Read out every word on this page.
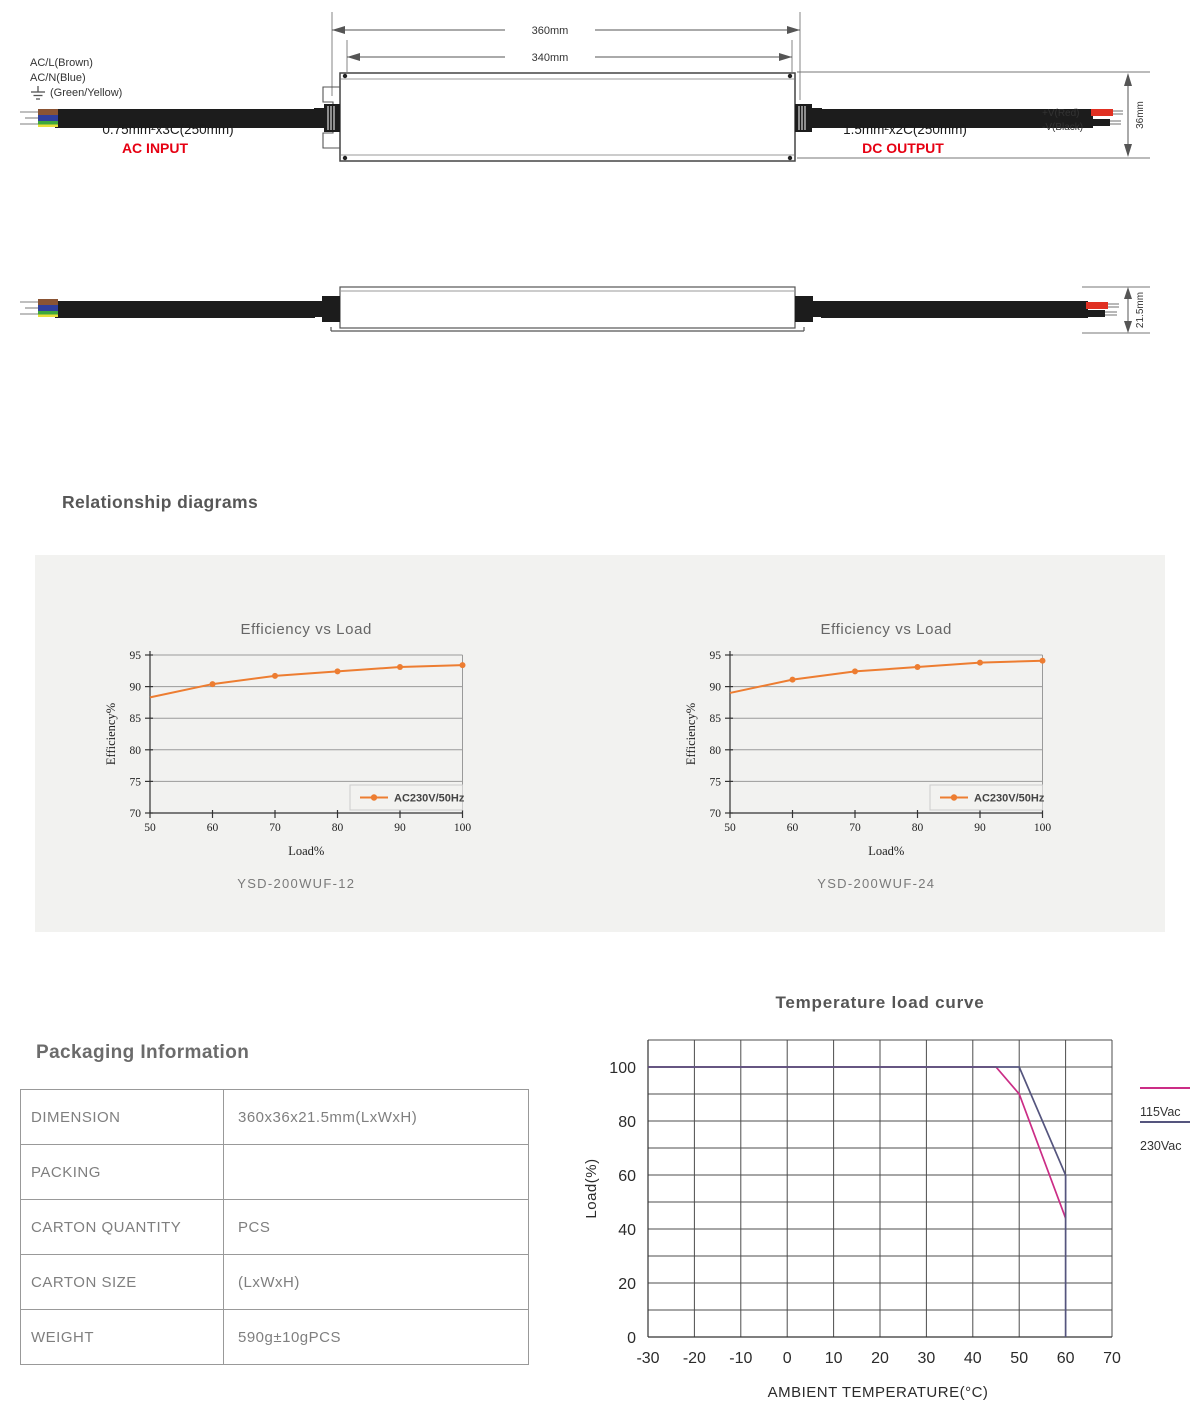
360mm
340mm
36mm
AC/L(Brown)
AC/N(Blue)
(Green/Yellow)
0.75mm²x3C(250mm)
AC INPUT
1.5mm²x2C(250mm)
DC OUTPUT
+V(Red)
-V(Black)
21.5mm
Relationship diagrams
Efficiency vs Load
50	60	70	80	90	100
70
75
80
85
90
95
Load%
Efficiency%
AC230V/50Hz
YSD-200WUF-12
Efficiency vs Load
50	60	70	80	90	100
70
75
80
85
90
95
Load%
Efficiency%
AC230V/50Hz
YSD-200WUF-24
Temperature load curve
0
20
40
60
80
100
-30 -20 -10 0 10 20 30 40 50 60 70
Load(%)
AMBIENT TEMPERATURE(°C)
115Vac
230Vac
Packaging Information
DIMENSION	360x36x21.5mm(LxWxH)
PACKING	
CARTON QUANTITY	PCS
CARTON SIZE	(LxWxH)
WEIGHT	590g±10gPCS
